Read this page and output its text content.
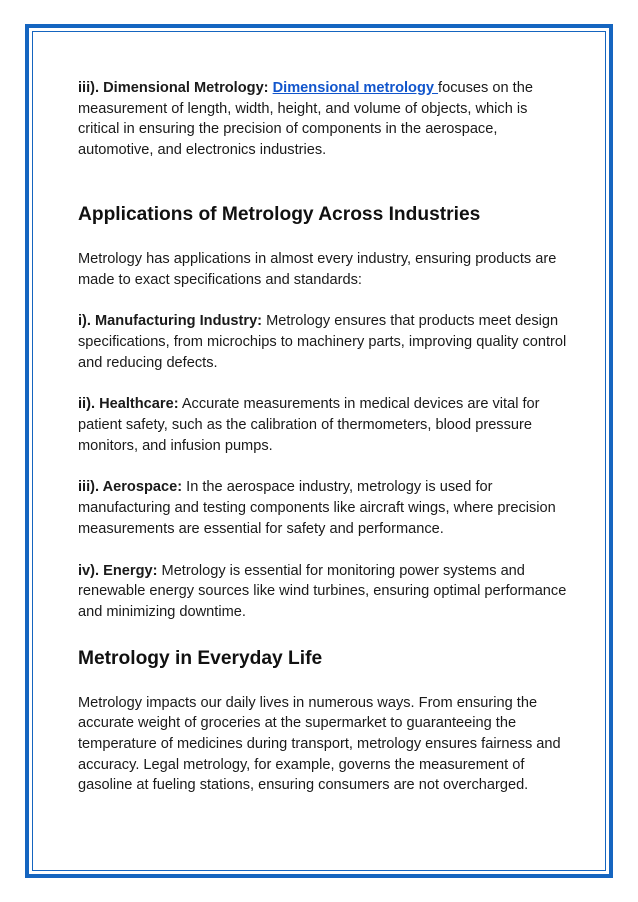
iii). Dimensional Metrology: Dimensional metrology focuses on the measurement of length, width, height, and volume of objects, which is critical in ensuring the precision of components in the aerospace, automotive, and electronics industries.

Applications of Metrology Across Industries

Metrology has applications in almost every industry, ensuring products are made to exact specifications and standards:

i). Manufacturing Industry: Metrology ensures that products meet design specifications, from microchips to machinery parts, improving quality control and reducing defects.

ii). Healthcare: Accurate measurements in medical devices are vital for patient safety, such as the calibration of thermometers, blood pressure monitors, and infusion pumps.

iii). Aerospace: In the aerospace industry, metrology is used for manufacturing and testing components like aircraft wings, where precision measurements are essential for safety and performance.

iv). Energy: Metrology is essential for monitoring power systems and renewable energy sources like wind turbines, ensuring optimal performance and minimizing downtime.

Metrology in Everyday Life

Metrology impacts our daily lives in numerous ways. From ensuring the accurate weight of groceries at the supermarket to guaranteeing the temperature of medicines during transport, metrology ensures fairness and accuracy. Legal metrology, for example, governs the measurement of gasoline at fueling stations, ensuring consumers are not overcharged.
